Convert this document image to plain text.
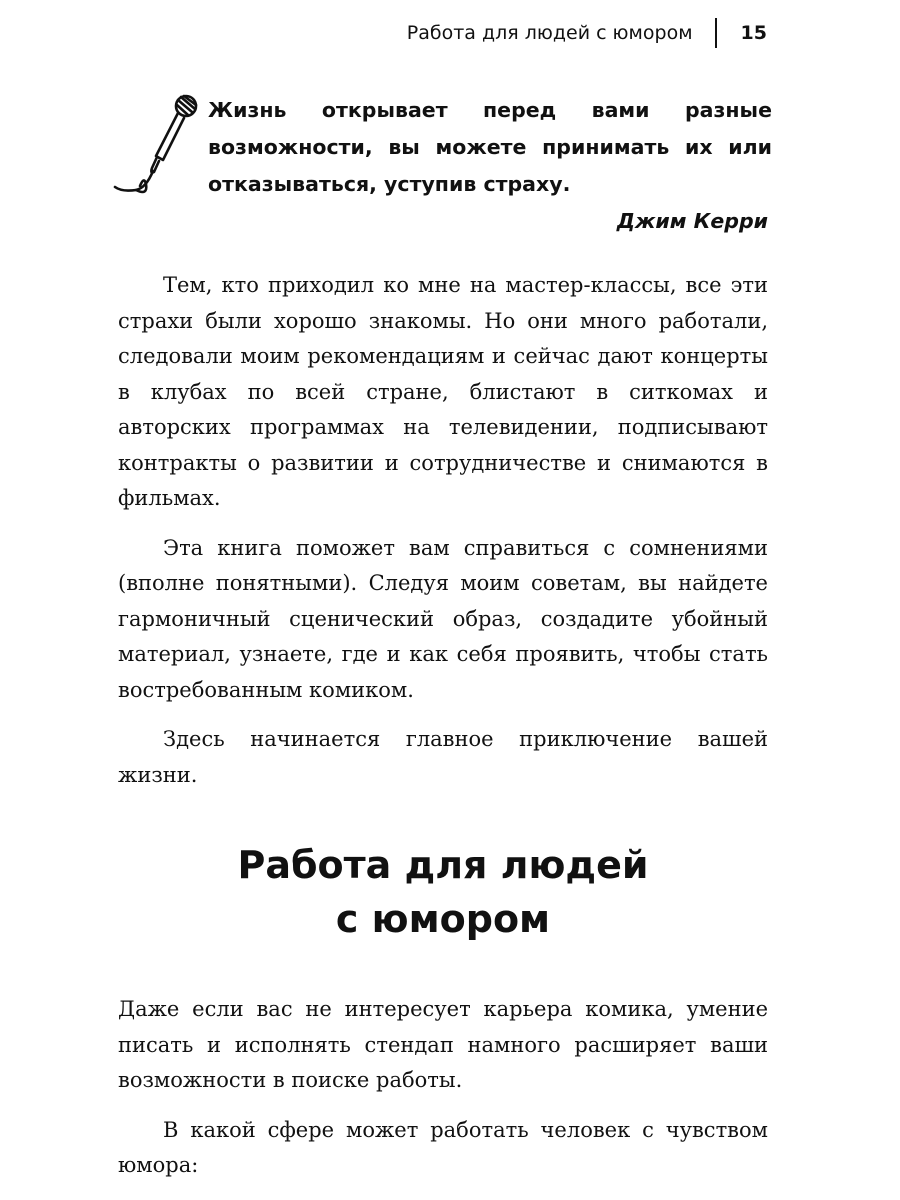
Работа для людей с юмором	15

Жизнь открывает перед вами разные возможности, вы можете принимать их или отказываться, уступив страху.

Джим Керри

Тем, кто приходил ко мне на мастер-классы, все эти страхи были хорошо знакомы. Но они много работали, следовали моим рекомендациям и сейчас дают концерты в клубах по всей стране, блистают в ситкомах и авторских программах на телевидении, подписывают контракты о развитии и сотрудничестве и снимаются в фильмах.

Эта книга поможет вам справиться с сомнениями (вполне понятными). Следуя моим советам, вы найдете гармоничный сценический образ, создадите убойный материал, узнаете, где и как себя проявить, чтобы стать востребованным комиком.

Здесь начинается главное приключение вашей жизни.

Работа для людей
с юмором

Даже если вас не интересует карьера комика, умение писать и исполнять стендап намного расширяет ваши возможности в поиске работы.

В какой сфере может работать человек с чувством юмора:
